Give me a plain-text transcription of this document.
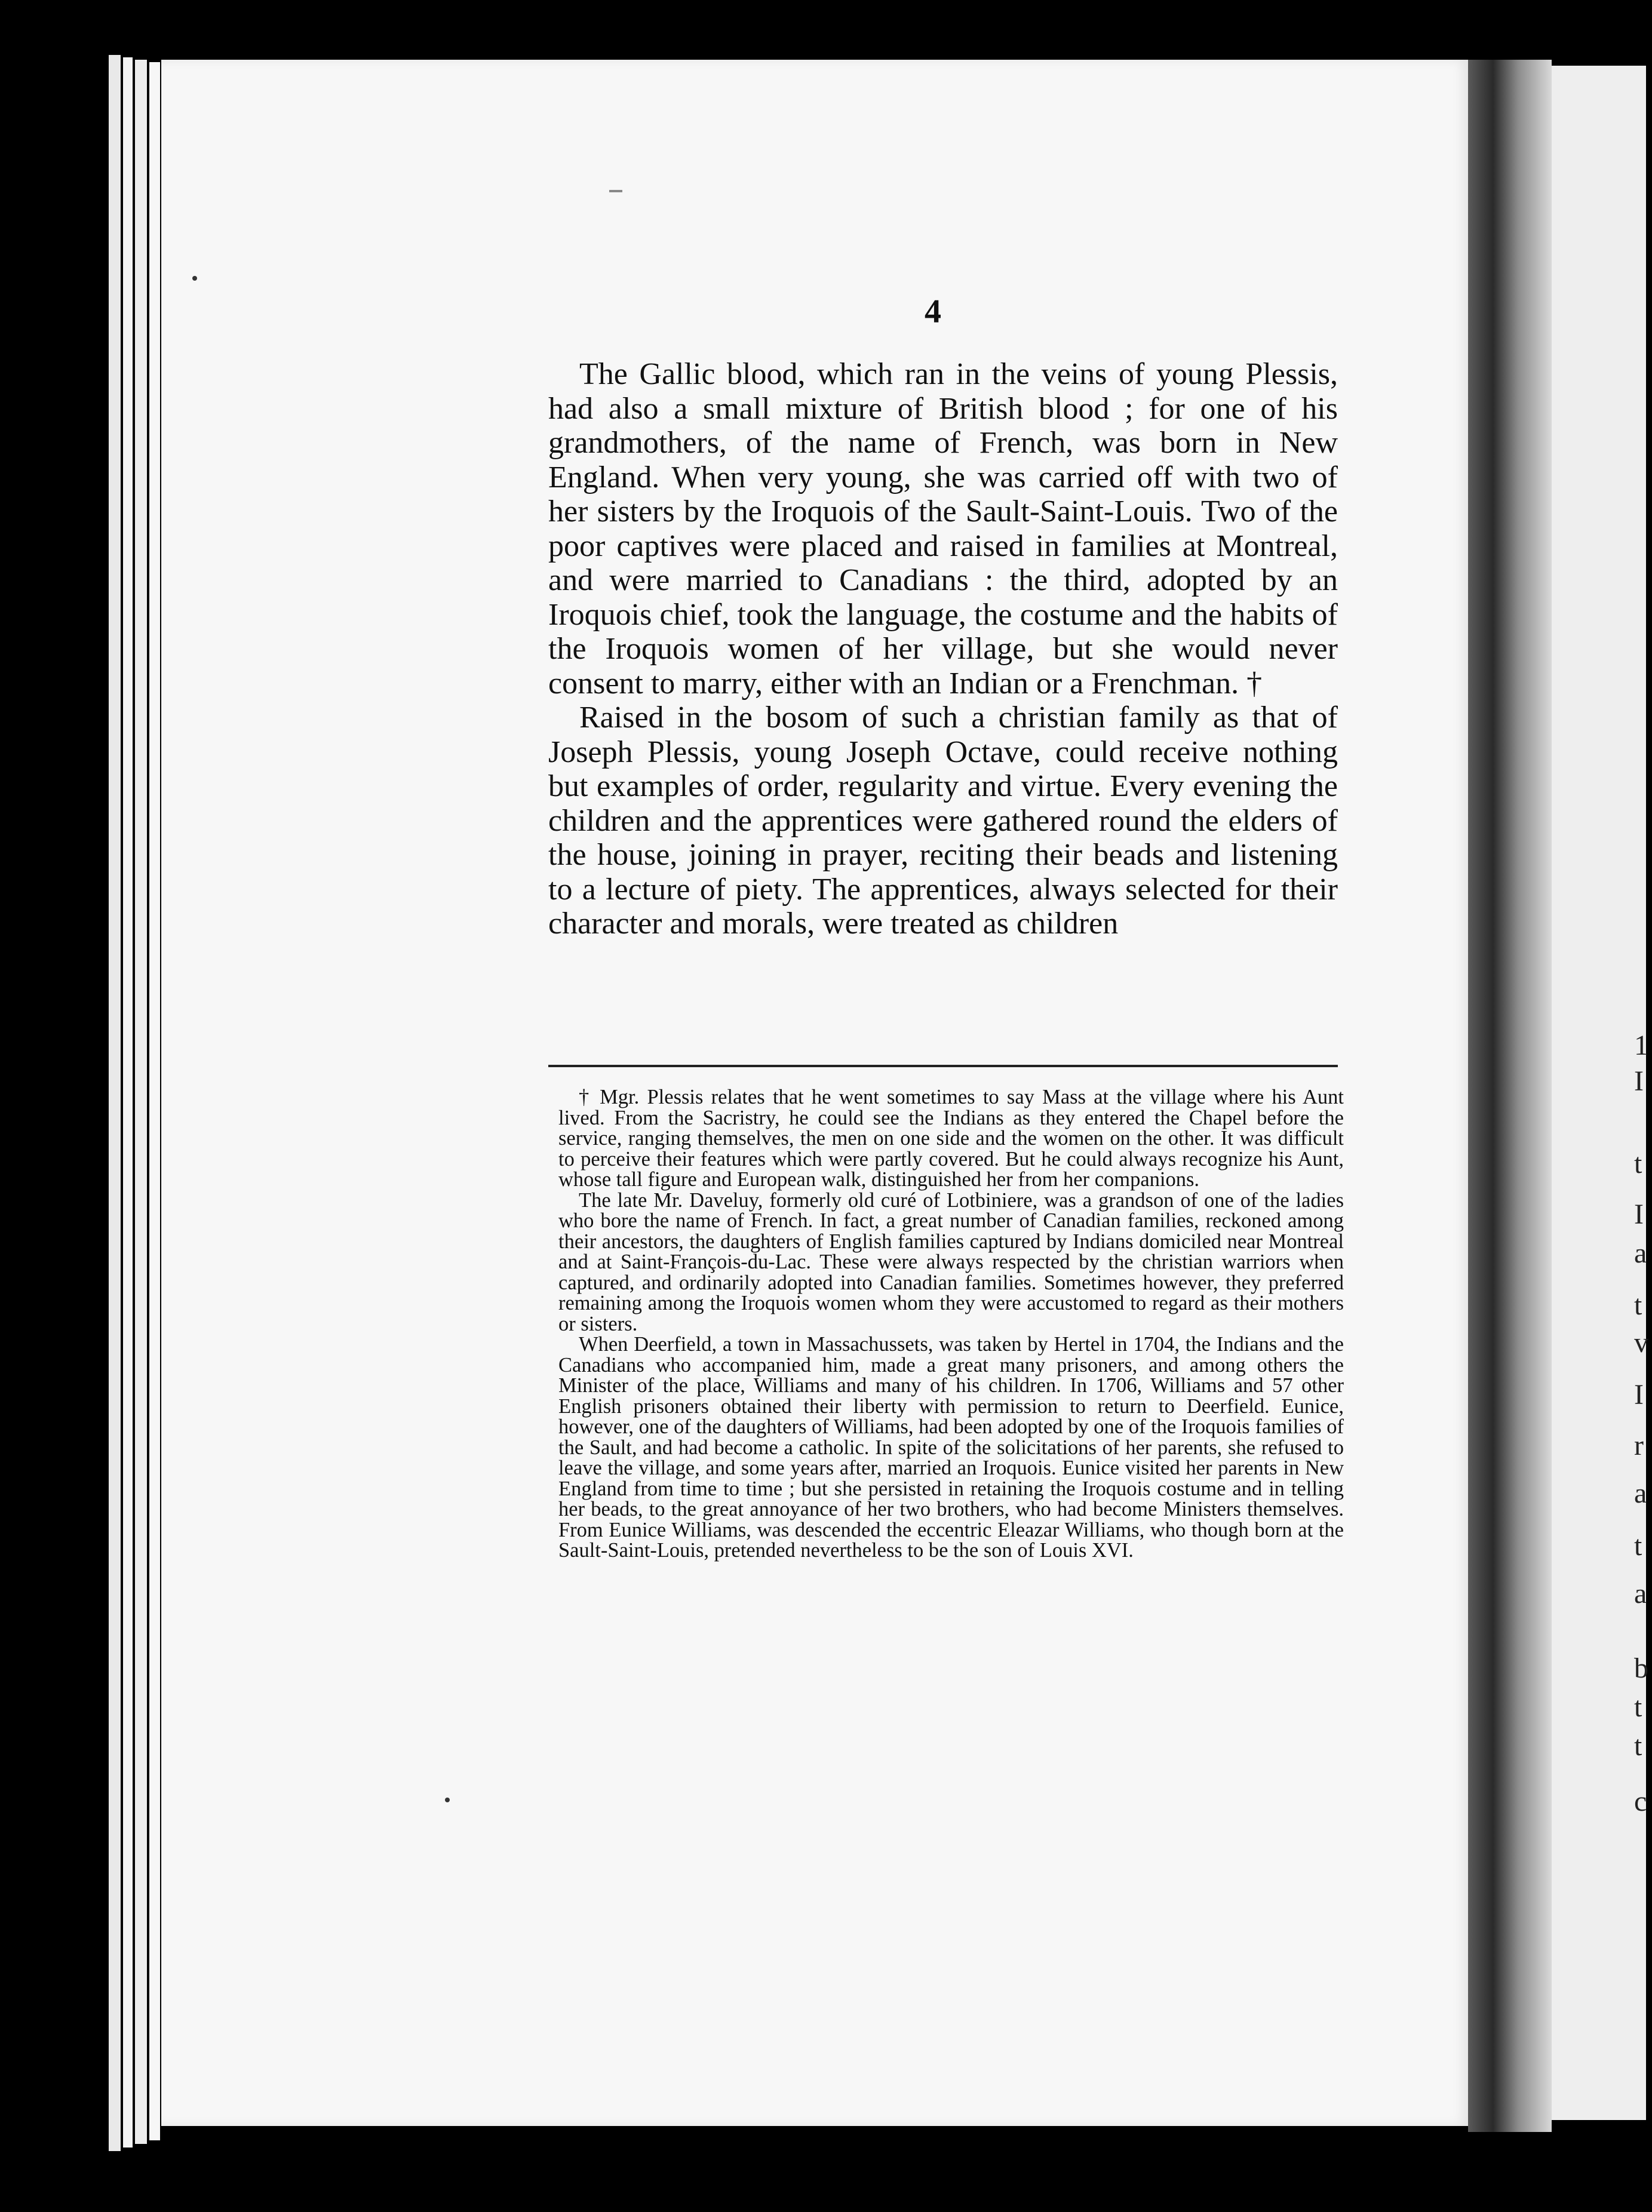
1
I
t
I
a
t
v
I
r
a
t
a
b
t
t
c
4

The Gallic blood, which ran in the veins of young Plessis, had also a small mixture of British blood ; for one of his grandmothers, of the name of French, was born in New England. When very young, she was carried off with two of her sisters by the Iroquois of the Sault-Saint-Louis. Two of the poor captives were placed and raised in families at Montreal, and were married to Canadians : the third, adopted by an Iroquois chief, took the language, the costume and the habits of the Iroquois women of her village, but she would never consent to marry, either with an Indian or a Frenchman. †

Raised in the bosom of such a christian family as that of Joseph Plessis, young Joseph Octave, could receive nothing but examples of order, regularity and virtue. Every evening the children and the apprentices were gathered round the elders of the house, joining in prayer, reciting their beads and listening to a lecture of piety. The apprentices, always selected for their character and morals, were treated as children

† Mgr. Plessis relates that he went sometimes to say Mass at the village where his Aunt lived. From the Sacristry, he could see the Indians as they entered the Chapel before the service, ranging themselves, the men on one side and the women on the other. It was difficult to perceive their features which were partly covered. But he could always recognize his Aunt, whose tall figure and European walk, distinguished her from her companions.

The late Mr. Daveluy, formerly old curé of Lotbiniere, was a grandson of one of the ladies who bore the name of French. In fact, a great number of Canadian families, reckoned among their ancestors, the daughters of English families captured by Indians domiciled near Montreal and at Saint-François-du-Lac. These were always respected by the christian warriors when captured, and ordinarily adopted into Canadian families. Sometimes however, they preferred remaining among the Iroquois women whom they were accustomed to regard as their mothers or sisters.

When Deerfield, a town in Massachussets, was taken by Hertel in 1704, the Indians and the Canadians who accompanied him, made a great many prisoners, and among others the Minister of the place, Williams and many of his children. In 1706, Williams and 57 other English prisoners obtained their liberty with permission to return to Deerfield. Eunice, however, one of the daughters of Williams, had been adopted by one of the Iroquois families of the Sault, and had become a catholic. In spite of the solicitations of her parents, she refused to leave the village, and some years after, married an Iroquois. Eunice visited her parents in New England from time to time ; but she persisted in retaining the Iroquois costume and in telling her beads, to the great annoyance of her two brothers, who had become Ministers themselves. From Eunice Williams, was descended the eccentric Eleazar Williams, who though born at the Sault-Saint-Louis, pretended nevertheless to be the son of Louis XVI.
